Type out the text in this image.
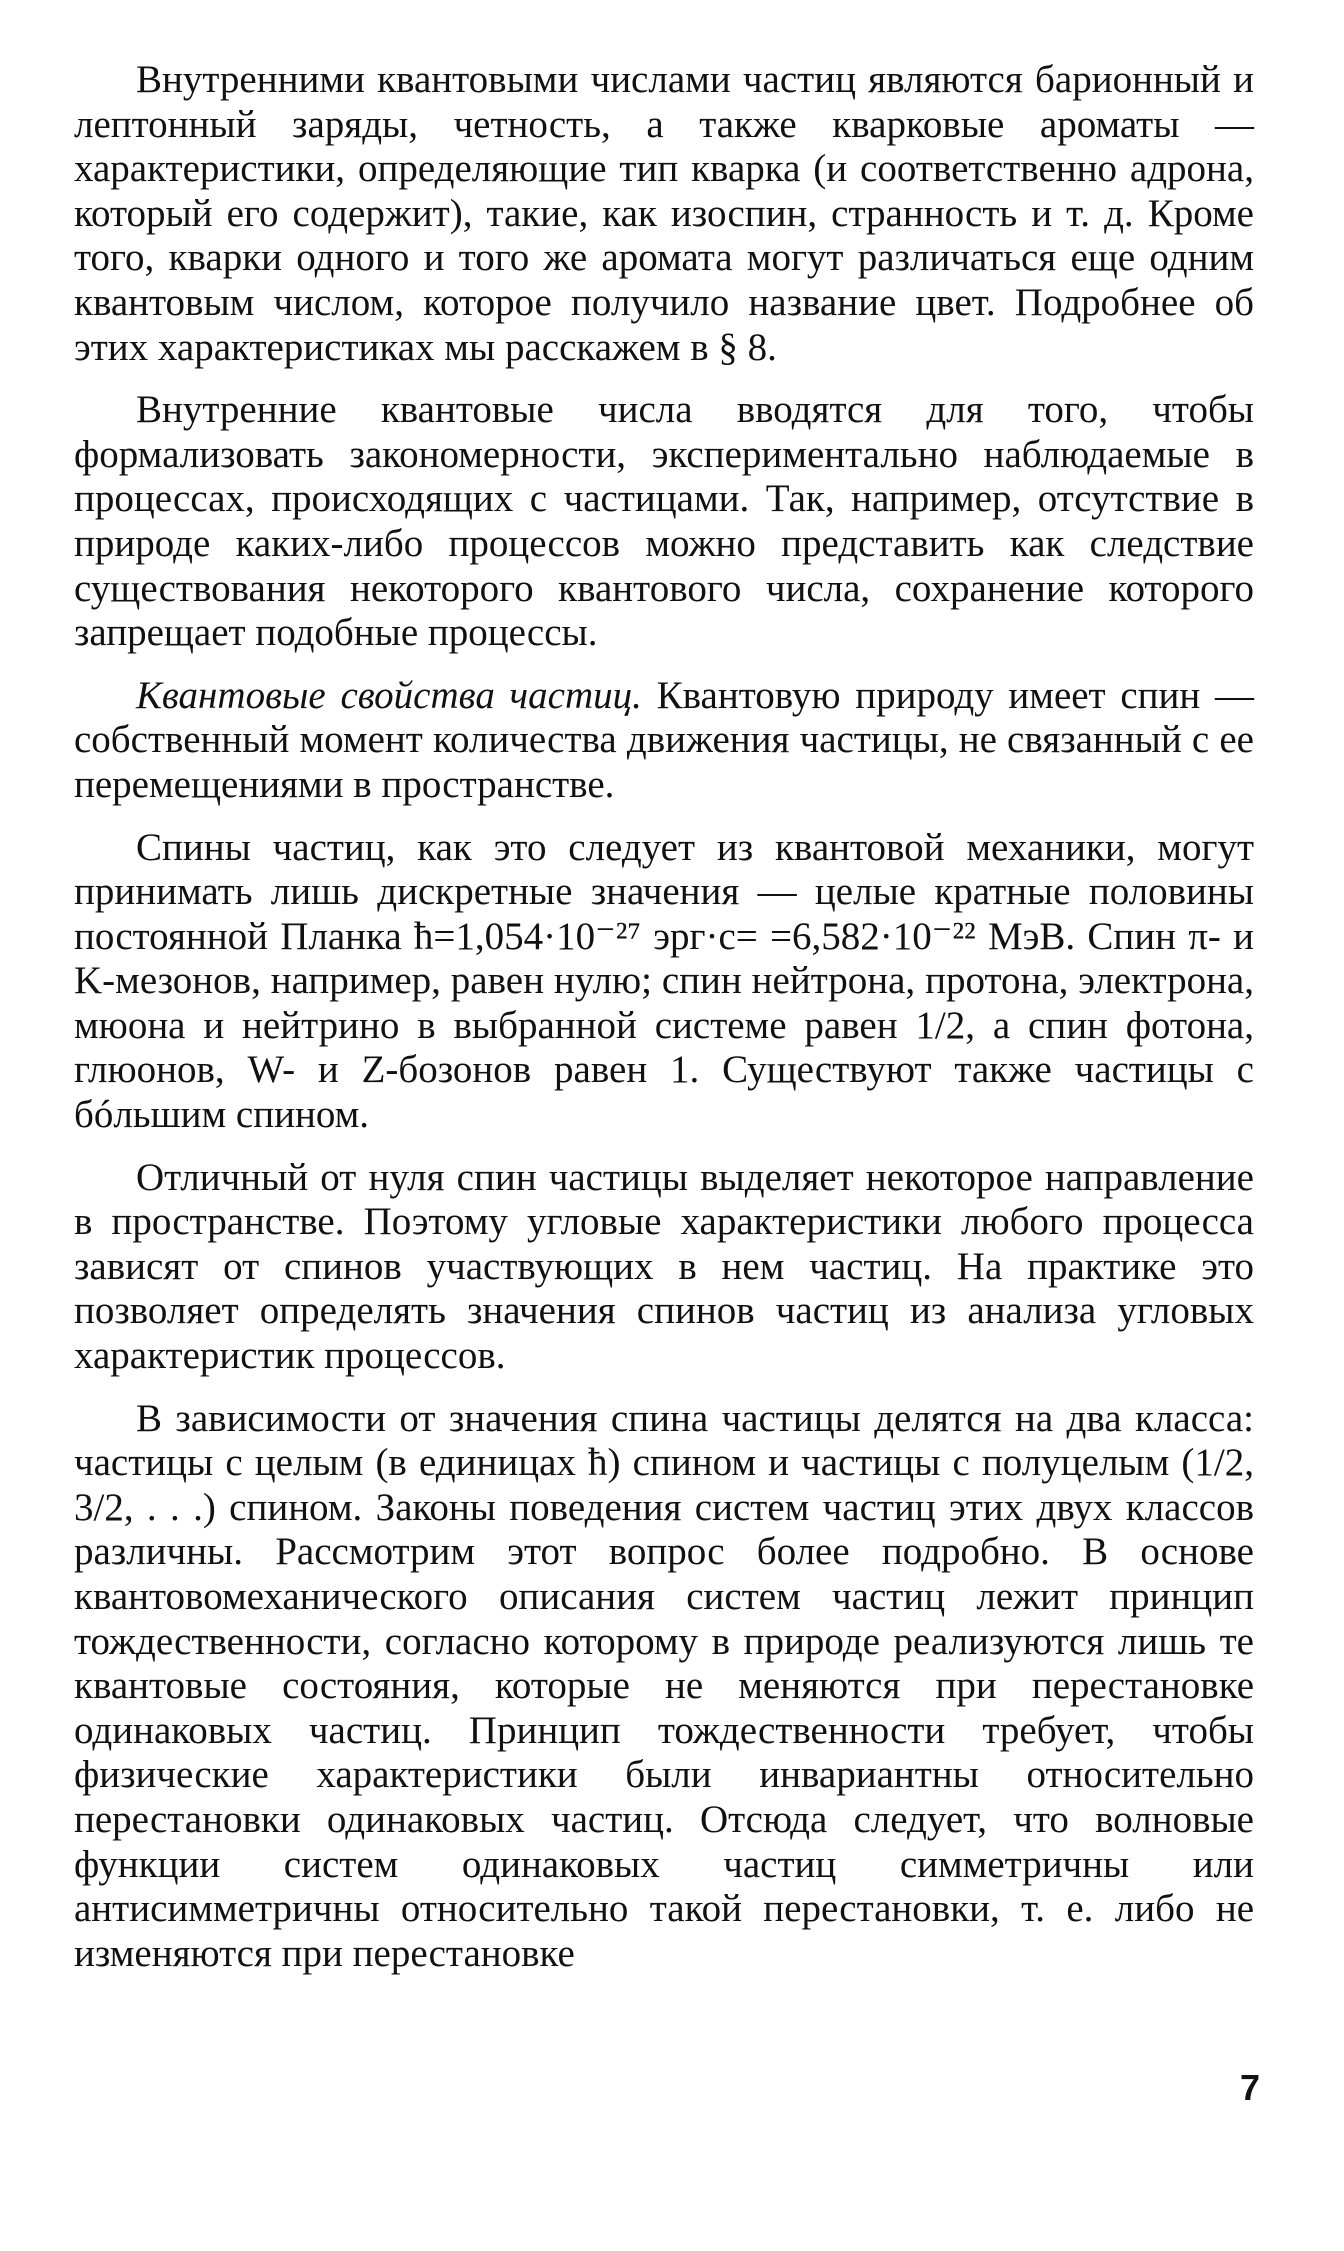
Внутренними квантовыми числами частиц являются барионный и лептонный заряды, четность, а также кварковые ароматы — характеристики, определяющие тип кварка (и соответственно адрона, который его содержит), такие, как изоспин, странность и т. д. Кроме того, кварки одного и того же аромата могут различаться еще одним квантовым числом, которое получило название цвет. Подробнее об этих характеристиках мы расскажем в § 8.

Внутренние квантовые числа вводятся для того, чтобы формализовать закономерности, экспериментально наблюдаемые в процессах, происходящих с частицами. Так, например, отсутствие в природе каких-либо процессов можно представить как следствие существования некоторого квантового числа, сохранение которого запрещает подобные процессы.

Квантовые свойства частиц. Квантовую природу имеет спин — собственный момент количества движения частицы, не связанный с ее перемещениями в пространстве.

Спины частиц, как это следует из квантовой механики, могут принимать лишь дискретные значения — целые кратные половины постоянной Планка ħ=1,054·10⁻²⁷ эрг·с= =6,582·10⁻²² МэВ. Спин π- и K-мезонов, например, равен нулю; спин нейтрона, протона, электрона, мюона и нейтрино в выбранной системе равен 1/2, а спин фотона, глюонов, W- и Z-бозонов равен 1. Существуют также частицы с бóльшим спином.

Отличный от нуля спин частицы выделяет некоторое направление в пространстве. Поэтому угловые характеристики любого процесса зависят от спинов участвующих в нем частиц. На практике это позволяет определять значения спинов частиц из анализа угловых характеристик процессов.

В зависимости от значения спина частицы делятся на два класса: частицы с целым (в единицах ħ) спином и частицы с полуцелым (1/2, 3/2, . . .) спином. Законы поведения систем частиц этих двух классов различны. Рассмотрим этот вопрос более подробно. В основе квантовомеханического описания систем частиц лежит принцип тождественности, согласно которому в природе реализуются лишь те квантовые состояния, которые не меняются при перестановке одинаковых частиц. Принцип тождественности требует, чтобы физические характеристики были инвариантны относительно перестановки одинаковых частиц. Отсюда следует, что волновые функции систем одинаковых частиц симметричны или антисимметричны относительно такой перестановки, т. е. либо не изменяются при перестановке

7
